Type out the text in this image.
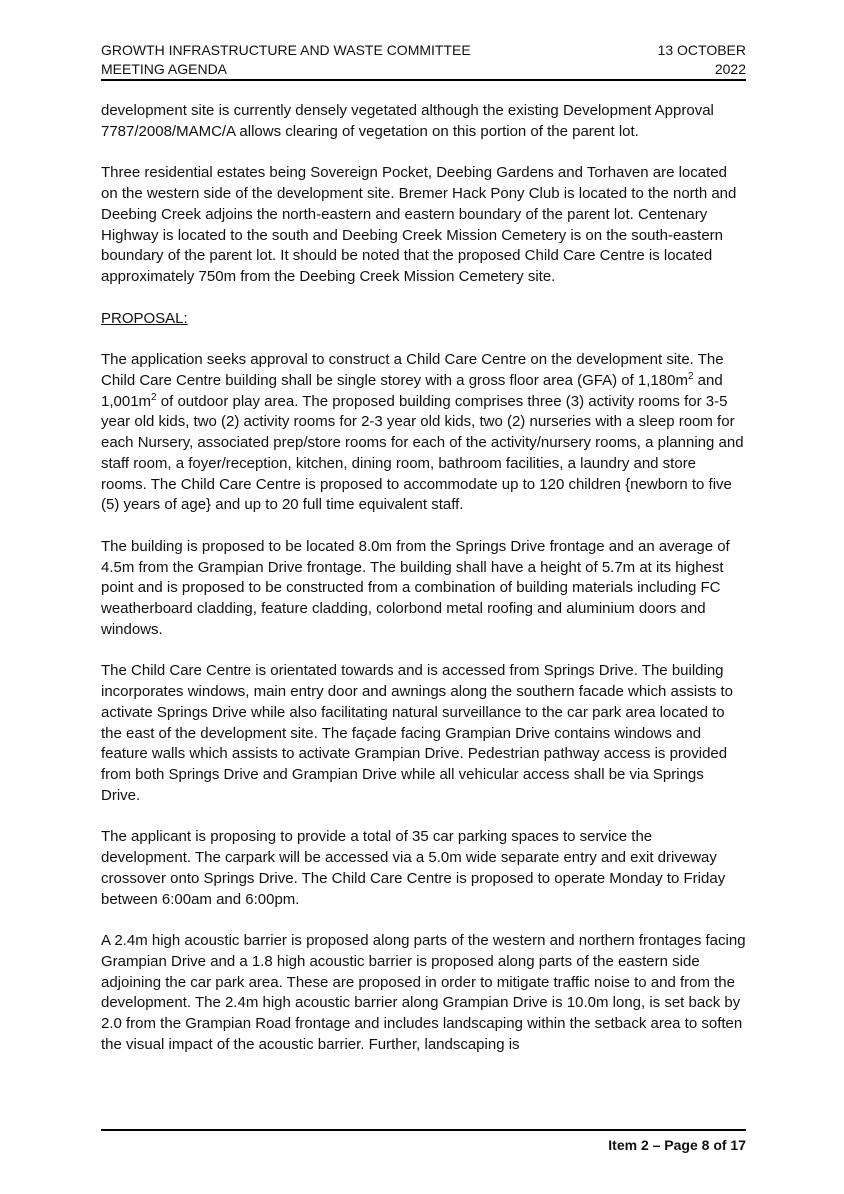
GROWTH INFRASTRUCTURE AND WASTE COMMITTEE
MEETING AGENDA
13 OCTOBER
2022

development site is currently densely vegetated although the existing Development Approval 7787/2008/MAMC/A allows clearing of vegetation on this portion of the parent lot.

Three residential estates being Sovereign Pocket, Deebing Gardens and Torhaven are located on the western side of the development site. Bremer Hack Pony Club is located to the north and Deebing Creek adjoins the north-eastern and eastern boundary of the parent lot. Centenary Highway is located to the south and Deebing Creek Mission Cemetery is on the south-eastern boundary of the parent lot. It should be noted that the proposed Child Care Centre is located approximately 750m from the Deebing Creek Mission Cemetery site.

PROPOSAL:

The application seeks approval to construct a Child Care Centre on the development site. The Child Care Centre building shall be single storey with a gross floor area (GFA) of $1,180m^2$ and $1,001m^2$ of outdoor play area. The proposed building comprises three (3) activity rooms for 3-5 year old kids, two (2) activity rooms for 2-3 year old kids, two (2) nurseries with a sleep room for each Nursery, associated prep/store rooms for each of the activity/nursery rooms, a planning and staff room, a foyer/reception, kitchen, dining room, bathroom facilities, a laundry and store rooms. The Child Care Centre is proposed to accommodate up to 120 children {newborn to five (5) years of age} and up to 20 full time equivalent staff.

The building is proposed to be located 8.0m from the Springs Drive frontage and an average of 4.5m from the Grampian Drive frontage. The building shall have a height of 5.7m at its highest point and is proposed to be constructed from a combination of building materials including FC weatherboard cladding, feature cladding, colorbond metal roofing and aluminium doors and windows.

The Child Care Centre is orientated towards and is accessed from Springs Drive. The building incorporates windows, main entry door and awnings along the southern facade which assists to activate Springs Drive while also facilitating natural surveillance to the car park area located to the east of the development site. The façade facing Grampian Drive contains windows and feature walls which assists to activate Grampian Drive. Pedestrian pathway access is provided from both Springs Drive and Grampian Drive while all vehicular access shall be via Springs Drive.

The applicant is proposing to provide a total of 35 car parking spaces to service the development. The carpark will be accessed via a 5.0m wide separate entry and exit driveway crossover onto Springs Drive. The Child Care Centre is proposed to operate Monday to Friday between 6:00am and 6:00pm.

A 2.4m high acoustic barrier is proposed along parts of the western and northern frontages facing Grampian Drive and a 1.8 high acoustic barrier is proposed along parts of the eastern side adjoining the car park area. These are proposed in order to mitigate traffic noise to and from the development. The 2.4m high acoustic barrier along Grampian Drive is 10.0m long, is set back by 2.0 from the Grampian Road frontage and includes landscaping within the setback area to soften the visual impact of the acoustic barrier. Further, landscaping is

Item 2 – Page 8 of 17
